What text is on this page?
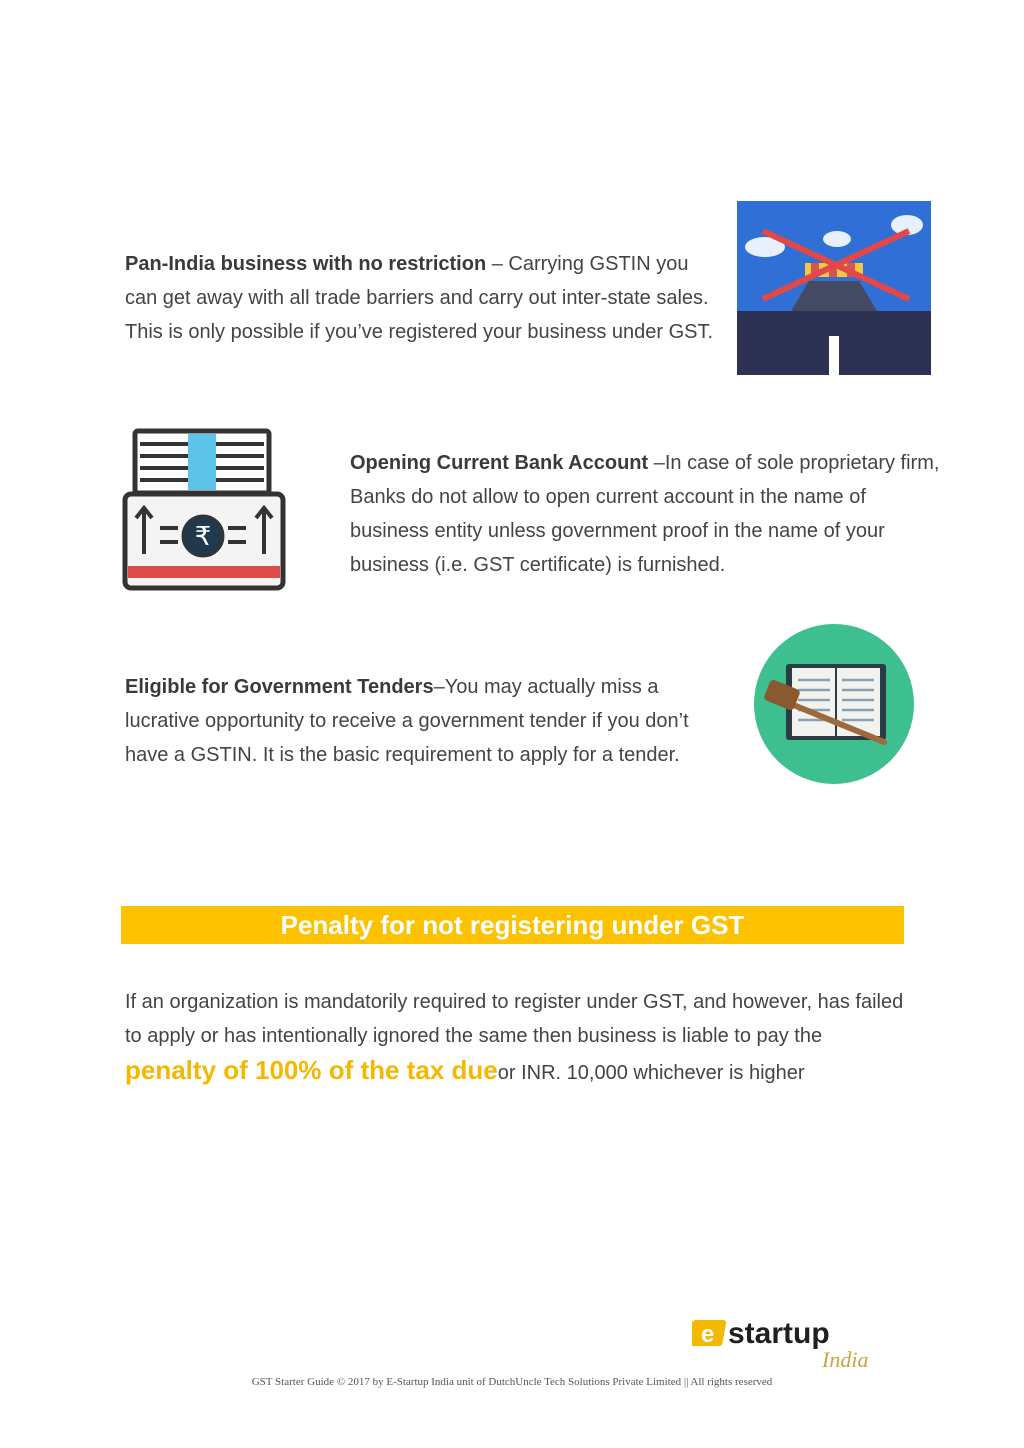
Pan-India business with no restriction – Carrying GSTIN you can get away with all trade barriers and carry out inter-state sales. This is only possible if you’ve registered your business under GST.
₹
Opening Current Bank Account –In case of sole proprietary firm, Banks do not allow to open current account in the name of business entity unless government proof in the name of your business (i.e. GST certificate) is furnished.
Eligible for Government Tenders–You may actually miss a lucrative opportunity to receive a government tender if you don’t have a GSTIN. It is the basic requirement to apply for a tender.
Penalty for not registering under GST
If an organization is mandatorily required to register under GST, and however, has failed to apply or has intentionally ignored the same then business is liable to pay the penalty of 100% of the tax dueor INR. 10,000 whichever is higher
e startup
India
GST Starter Guide © 2017 by E-Startup India unit of DutchUncle Tech Solutions Private Limited || All rights reserved
